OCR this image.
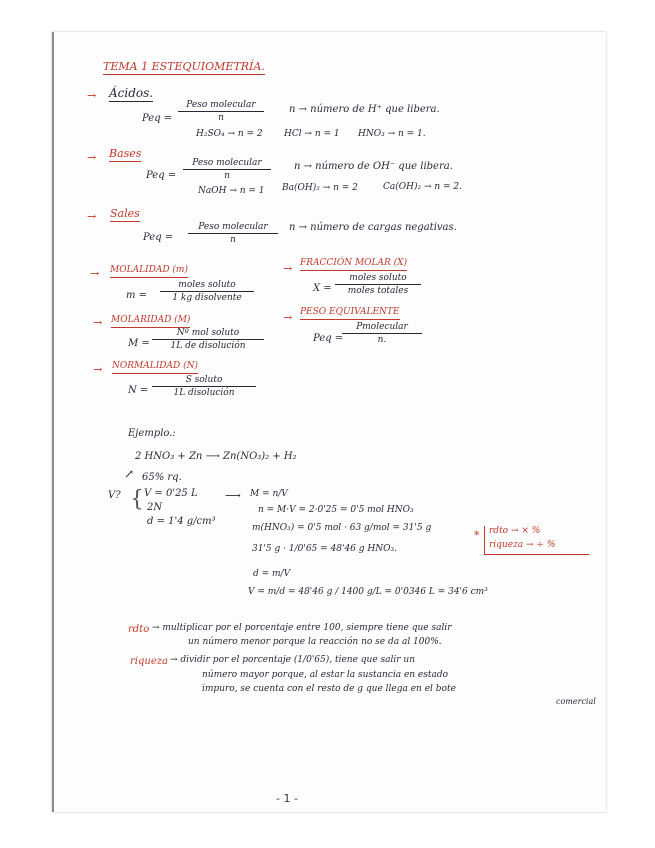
TEMA 1 ESTEQUIOMETRÍA.
→ Ácidos.
Peq =
Peso molecular
n
n → número de H⁺ que libera.
H₂SO₄ → n = 2 HCl → n = 1 HNO₃ → n = 1.
→ Bases
Peq =
Peso molecular
n
n → número de OH⁻ que libera.
NaOH → n = 1 Ba(OH)₂ → n = 2	Ca(OH)₂ → n = 2.
→ Sales
Peq =
Peso molecular
n
n → número de cargas negativas.
→ MOLALIDAD (m)
m =
moles soluto
1 kg disolvente
→ FRACCIÓN MOLAR (X)
X =
moles soluto
moles totales
→ MOLARIDAD (M)
M =
Nº mol soluto
1L de disolución
→ PESO EQUIVALENTE
Peq =
Pmolecular
n.
→ NORMALIDAD (N)
N =
S soluto
1L disolución
Ejemplo.:
2 HNO₃ + Zn ⟶ Zn(NO₃)₂ + H₂
↗ 65% rq.
V? { V = 0'25 L
2N
d = 1'4 g/cm³
⟶ M = n/V
n = M·V = 2·0'25 = 0'5 mol HNO₃
m(HNO₃) = 0'5 mol · 63 g/mol = 31'5 g
31'5 g · 1/0'65 = 48'46 g HNO₃.
d = m/V
V = m/d = 48'46 g / 1400 g/L = 0'0346 L = 34'6 cm³
* rdto → × %
riqueza → ÷ %
rdto → multiplicar por el porcentaje entre 100, siempre tiene que salir
un número menor porque la reacción no se da al 100%.
riqueza → dividir por el porcentaje (1/0'65), tiene que salir un
número mayor porque, al estar la sustancia en estado
impuro, se cuenta con el resto de g que llega en el bote
comercial
- 1 -
